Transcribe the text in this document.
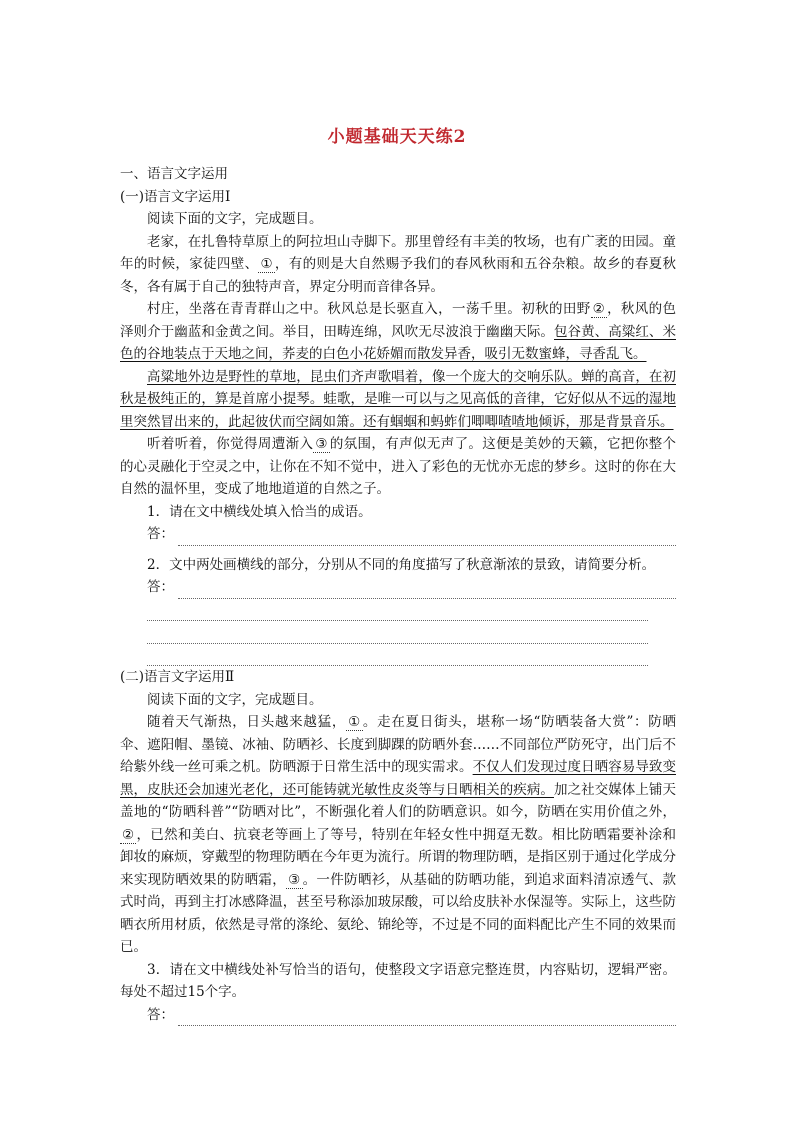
小题基础天天练2

一、语言文字运用

(一)语言文字运用Ⅰ

阅读下面的文字，完成题目。

老家，在扎鲁特草原上的阿拉坦山寺脚下。那里曾经有丰美的牧场，也有广袤的田园。童年的时候，家徒四壁、 ① ，有的则是大自然赐予我们的春风秋雨和五谷杂粮。故乡的春夏秋冬，各有属于自己的独特声音，界定分明而音律各异。

村庄，坐落在青青群山之中。秋风总是长驱直入，一荡千里。初秋的田野 ② ，秋风的色泽则介于幽蓝和金黄之间。举目，田畴连绵，风吹无尽波浪于幽幽天际。包谷黄、高粱红、米色的谷地装点于天地之间，荞麦的白色小花娇媚而散发异香，吸引无数蜜蜂，寻香乱飞。

高粱地外边是野性的草地，昆虫们齐声歌唱着，像一个庞大的交响乐队。蝉的高音，在初秋是极纯正的，算是首席小提琴。蛙歌，是唯一可以与之见高低的音律，它好似从不远的湿地里突然冒出来的，此起彼伏而空阔如箫。还有蝈蝈和蚂蚱们唧唧喳喳地倾诉，那是背景音乐。

听着听着，你觉得周遭渐入 ③ 的氛围，有声似无声了。这便是美妙的天籁，它把你整个的心灵融化于空灵之中，让你在不知不觉中，进入了彩色的无忧亦无虑的梦乡。这时的你在大自然的温怀里，变成了地地道道的自然之子。

1．请在文中横线处填入恰当的成语。

答：

2．文中两处画横线的部分，分别从不同的角度描写了秋意渐浓的景致，请简要分析。

答：

(二)语言文字运用Ⅱ

阅读下面的文字，完成题目。

随着天气渐热，日头越来越猛， ① 。走在夏日街头，堪称一场“防晒装备大赏”：防晒伞、遮阳帽、墨镜、冰袖、防晒衫、长度到脚踝的防晒外套……不同部位严防死守，出门后不给紫外线一丝可乘之机。防晒源于日常生活中的现实需求。不仅人们发现过度日晒容易导致变黑，皮肤还会加速光老化，还可能铸就光敏性皮炎等与日晒相关的疾病。加之社交媒体上铺天盖地的“防晒科普”“防晒对比”，不断强化着人们的防晒意识。如今，防晒在实用价值之外，② ，已然和美白、抗衰老等画上了等号，特别在年轻女性中拥趸无数。相比防晒霜要补涂和卸妆的麻烦，穿戴型的物理防晒在今年更为流行。所谓的物理防晒，是指区别于通过化学成分来实现防晒效果的防晒霜， ③ 。一件防晒衫，从基础的防晒功能，到追求面料清凉透气、款式时尚，再到主打冰感降温，甚至号称添加玻尿酸，可以给皮肤补水保湿等。实际上，这些防晒衣所用材质，依然是寻常的涤纶、氨纶、锦纶等，不过是不同的面料配比产生不同的效果而已。

3．请在文中横线处补写恰当的语句，使整段文字语意完整连贯，内容贴切，逻辑严密。每处不超过15个字。

答：
